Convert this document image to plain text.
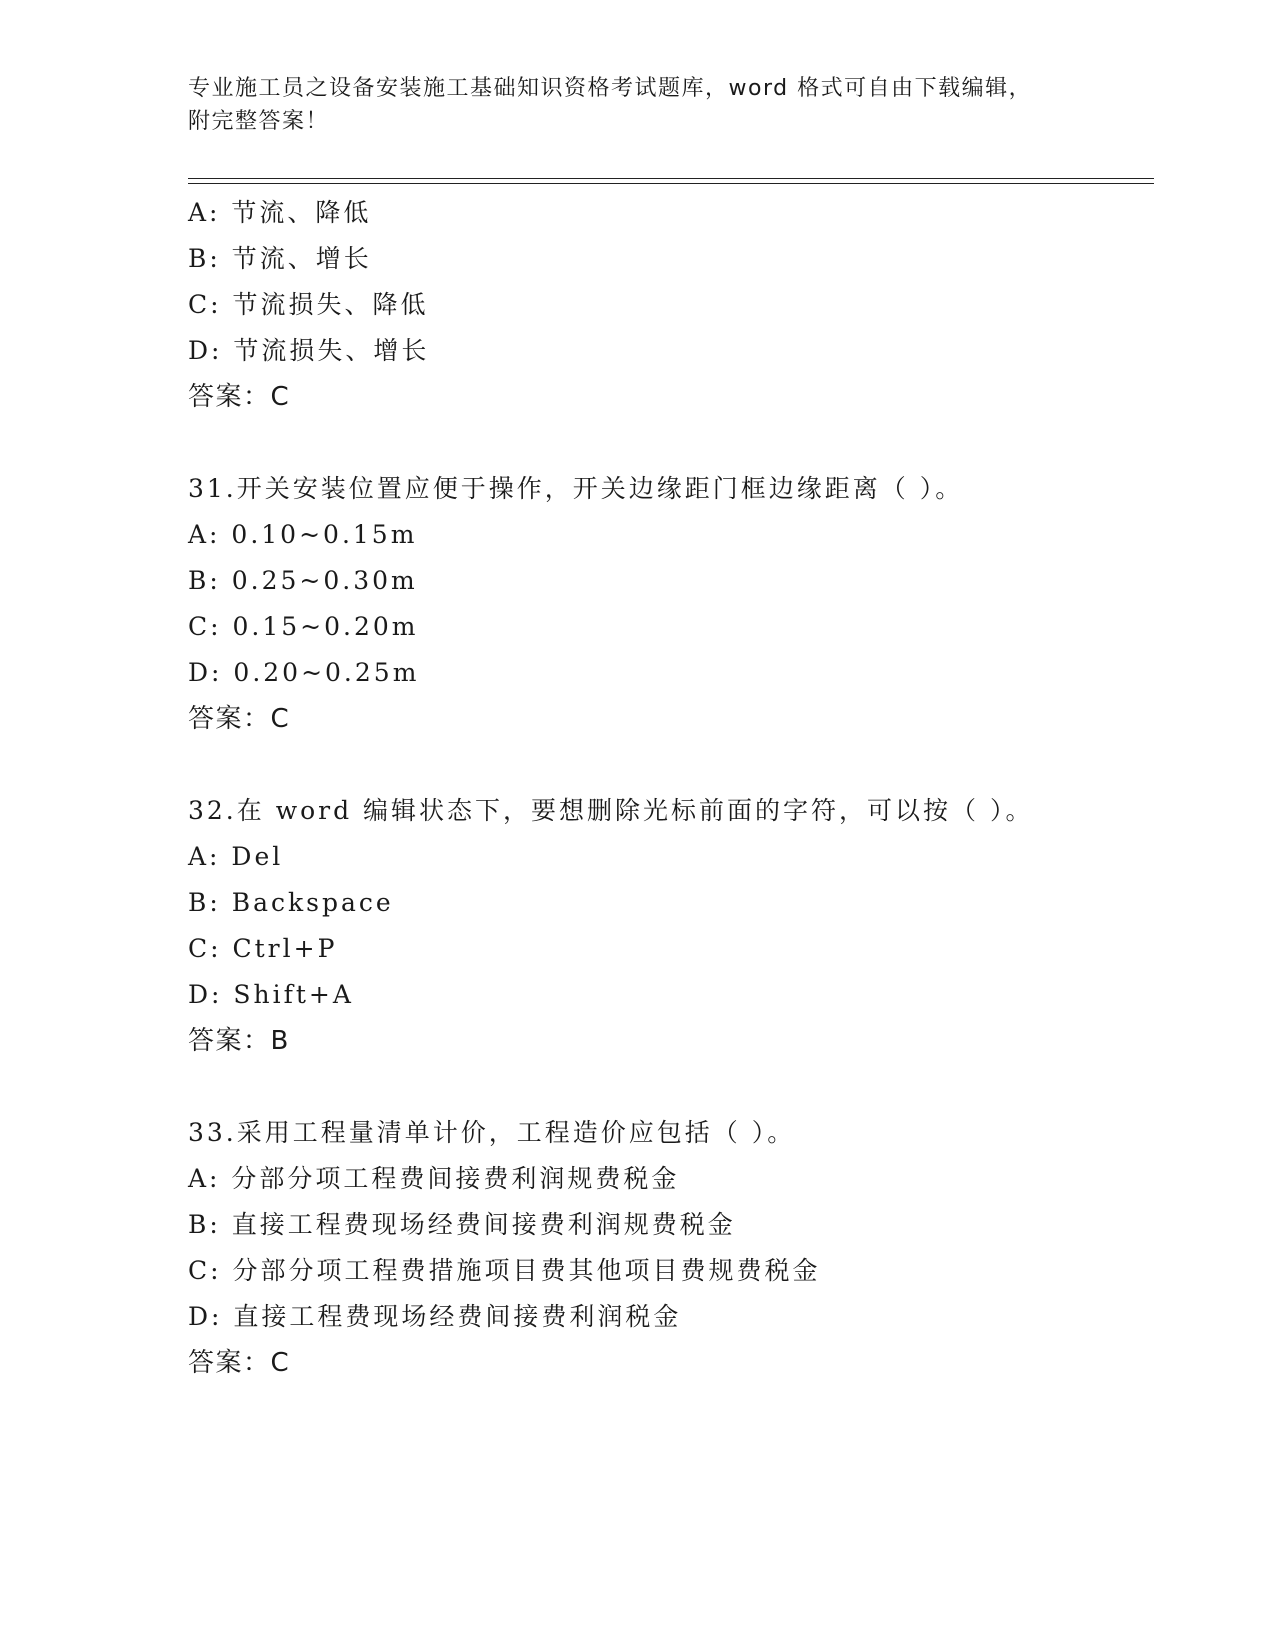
专业施工员之设备安装施工基础知识资格考试题库，word 格式可自由下载编辑，
附完整答案！
A: 节流、降低
B: 节流、增长
C: 节流损失、降低
D: 节流损失、增长
答案：C
31.开关安装位置应便于操作，开关边缘距门框边缘距离（ ）。
A: 0.10~0.15m
B: 0.25~0.30m
C: 0.15~0.20m
D: 0.20~0.25m
答案：C
32.在 word 编辑状态下，要想删除光标前面的字符，可以按（ ）。
A: Del
B: Backspace
C: Ctrl+P
D: Shift+A
答案：B
33.采用工程量清单计价，工程造价应包括（ ）。
A: 分部分项工程费间接费利润规费税金
B: 直接工程费现场经费间接费利润规费税金
C: 分部分项工程费措施项目费其他项目费规费税金
D: 直接工程费现场经费间接费利润税金
答案：C
